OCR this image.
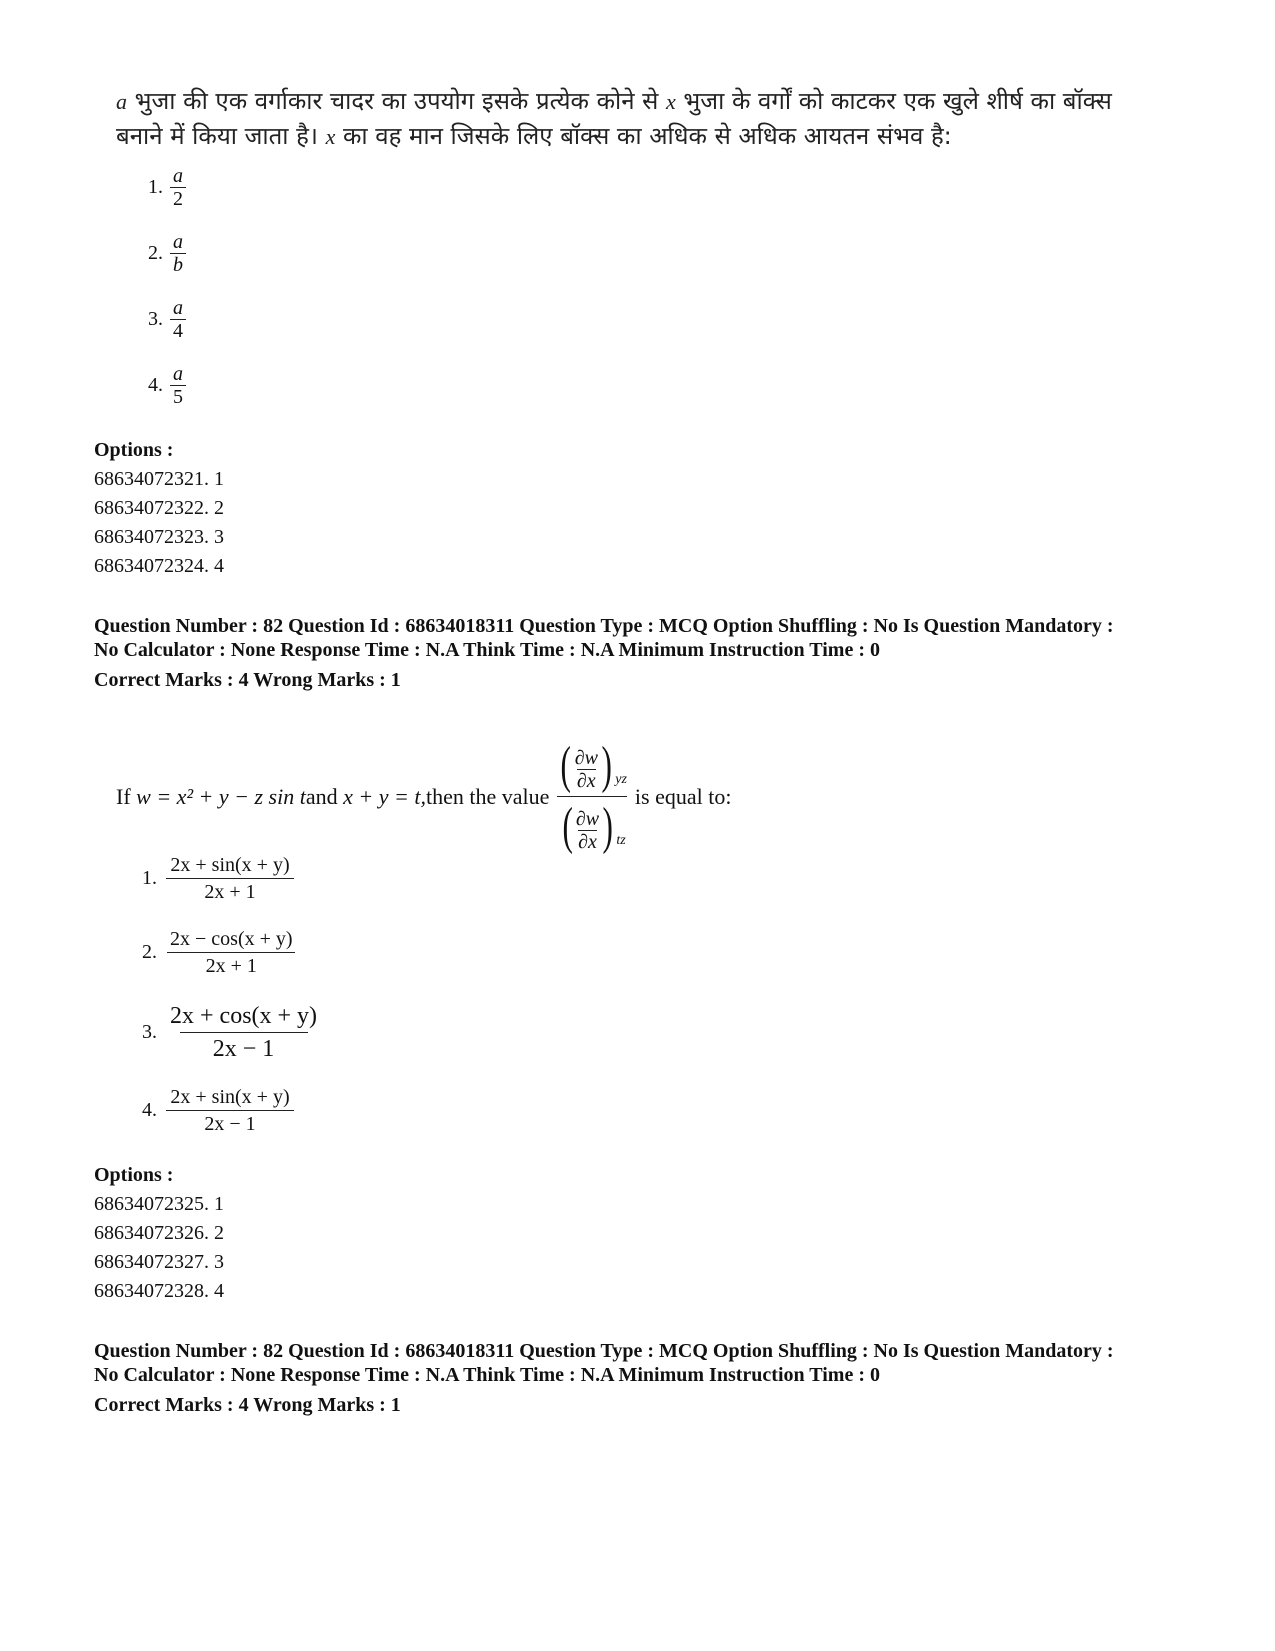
a भुजा की एक वर्गाकार चादर का उपयोग इसके प्रत्येक कोने से x भुजा के वर्गों को काटकर एक खुले शीर्ष का बॉक्स बनाने में किया जाता है। x का वह मान जिसके लिए बॉक्स का अधिक से अधिक आयतन संभव है:
1. $\frac{a}{2}$
2. $\frac{a}{b}$
3. $\frac{a}{4}$
4. $\frac{a}{5}$
Options :
68634072321. 1
68634072322. 2
68634072323. 3
68634072324. 4
Question Number : 82 Question Id : 68634018311 Question Type : MCQ Option Shuffling : No Is Question Mandatory :
No Calculator : None Response Time : N.A Think Time : N.A Minimum Instruction Time : 0
Correct Marks : 4 Wrong Marks : 1
If
w = x² + y − z sin t and
x + y = t, then the value
( ∂w
∂x ) yz
( ∂w
∂x ) tz
is equal to:
1.
2x + sin(x + y)
2x + 1
2.
2x − cos(x + y)
2x + 1
3.
2x + cos(x + y)
2x − 1
4.
2x + sin(x + y)
2x − 1
Options :
68634072325. 1
68634072326. 2
68634072327. 3
68634072328. 4
Question Number : 82 Question Id : 68634018311 Question Type : MCQ Option Shuffling : No Is Question Mandatory :
No Calculator : None Response Time : N.A Think Time : N.A Minimum Instruction Time : 0
Correct Marks : 4 Wrong Marks : 1
